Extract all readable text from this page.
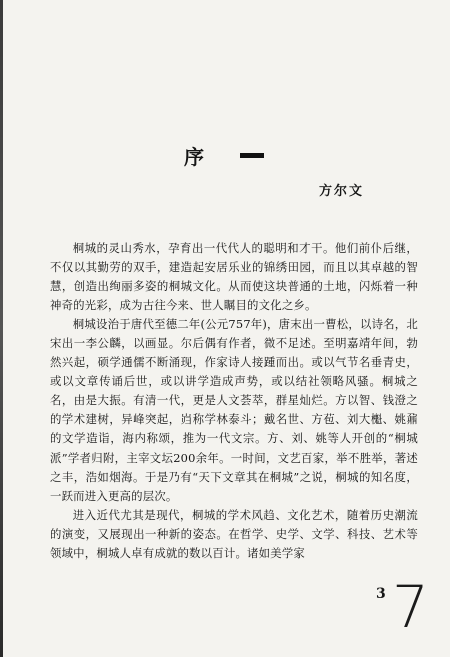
序
方尔文

桐城的灵山秀水，孕育出一代代人的聪明和才干。他们前仆后继，不仅以其勤劳的双手，建造起安居乐业的锦绣田园，而且以其卓越的智慧，创造出绚丽多姿的桐城文化。从而使这块普通的土地，闪烁着一种神奇的光彩，成为古往今来、世人瞩目的文化之乡。

桐城设治于唐代至德二年(公元757年)，唐末出一曹松，以诗名，北宋出一李公麟，以画显。尔后偶有作者，微不足述。至明嘉靖年间，勃然兴起，硕学通儒不断涌现，作家诗人接踵而出。或以气节名垂青史，或以文章传诵后世，或以讲学造成声势，或以结社领略风骚。桐城之名，由是大振。有清一代，更是人文荟萃，群星灿烂。方以智、钱澄之的学术建树，异峰突起，岿称学林泰斗；戴名世、方苞、刘大櫆、姚鼐的文学造诣，海内称颂，推为一代文宗。方、刘、姚等人开创的“桐城派”学者归附，主宰文坛200余年。一时间，文艺百家，举不胜举，著述之丰，浩如烟海。于是乃有“天下文章其在桐城”之说，桐城的知名度，一跃而进入更高的层次。

进入近代尤其是现代，桐城的学术风趋、文化艺术，随着历史潮流的演变，又展现出一种新的姿态。在哲学、史学、文学、科技、艺术等领域中，桐城人卓有成就的数以百计。诸如美学家

3 7
